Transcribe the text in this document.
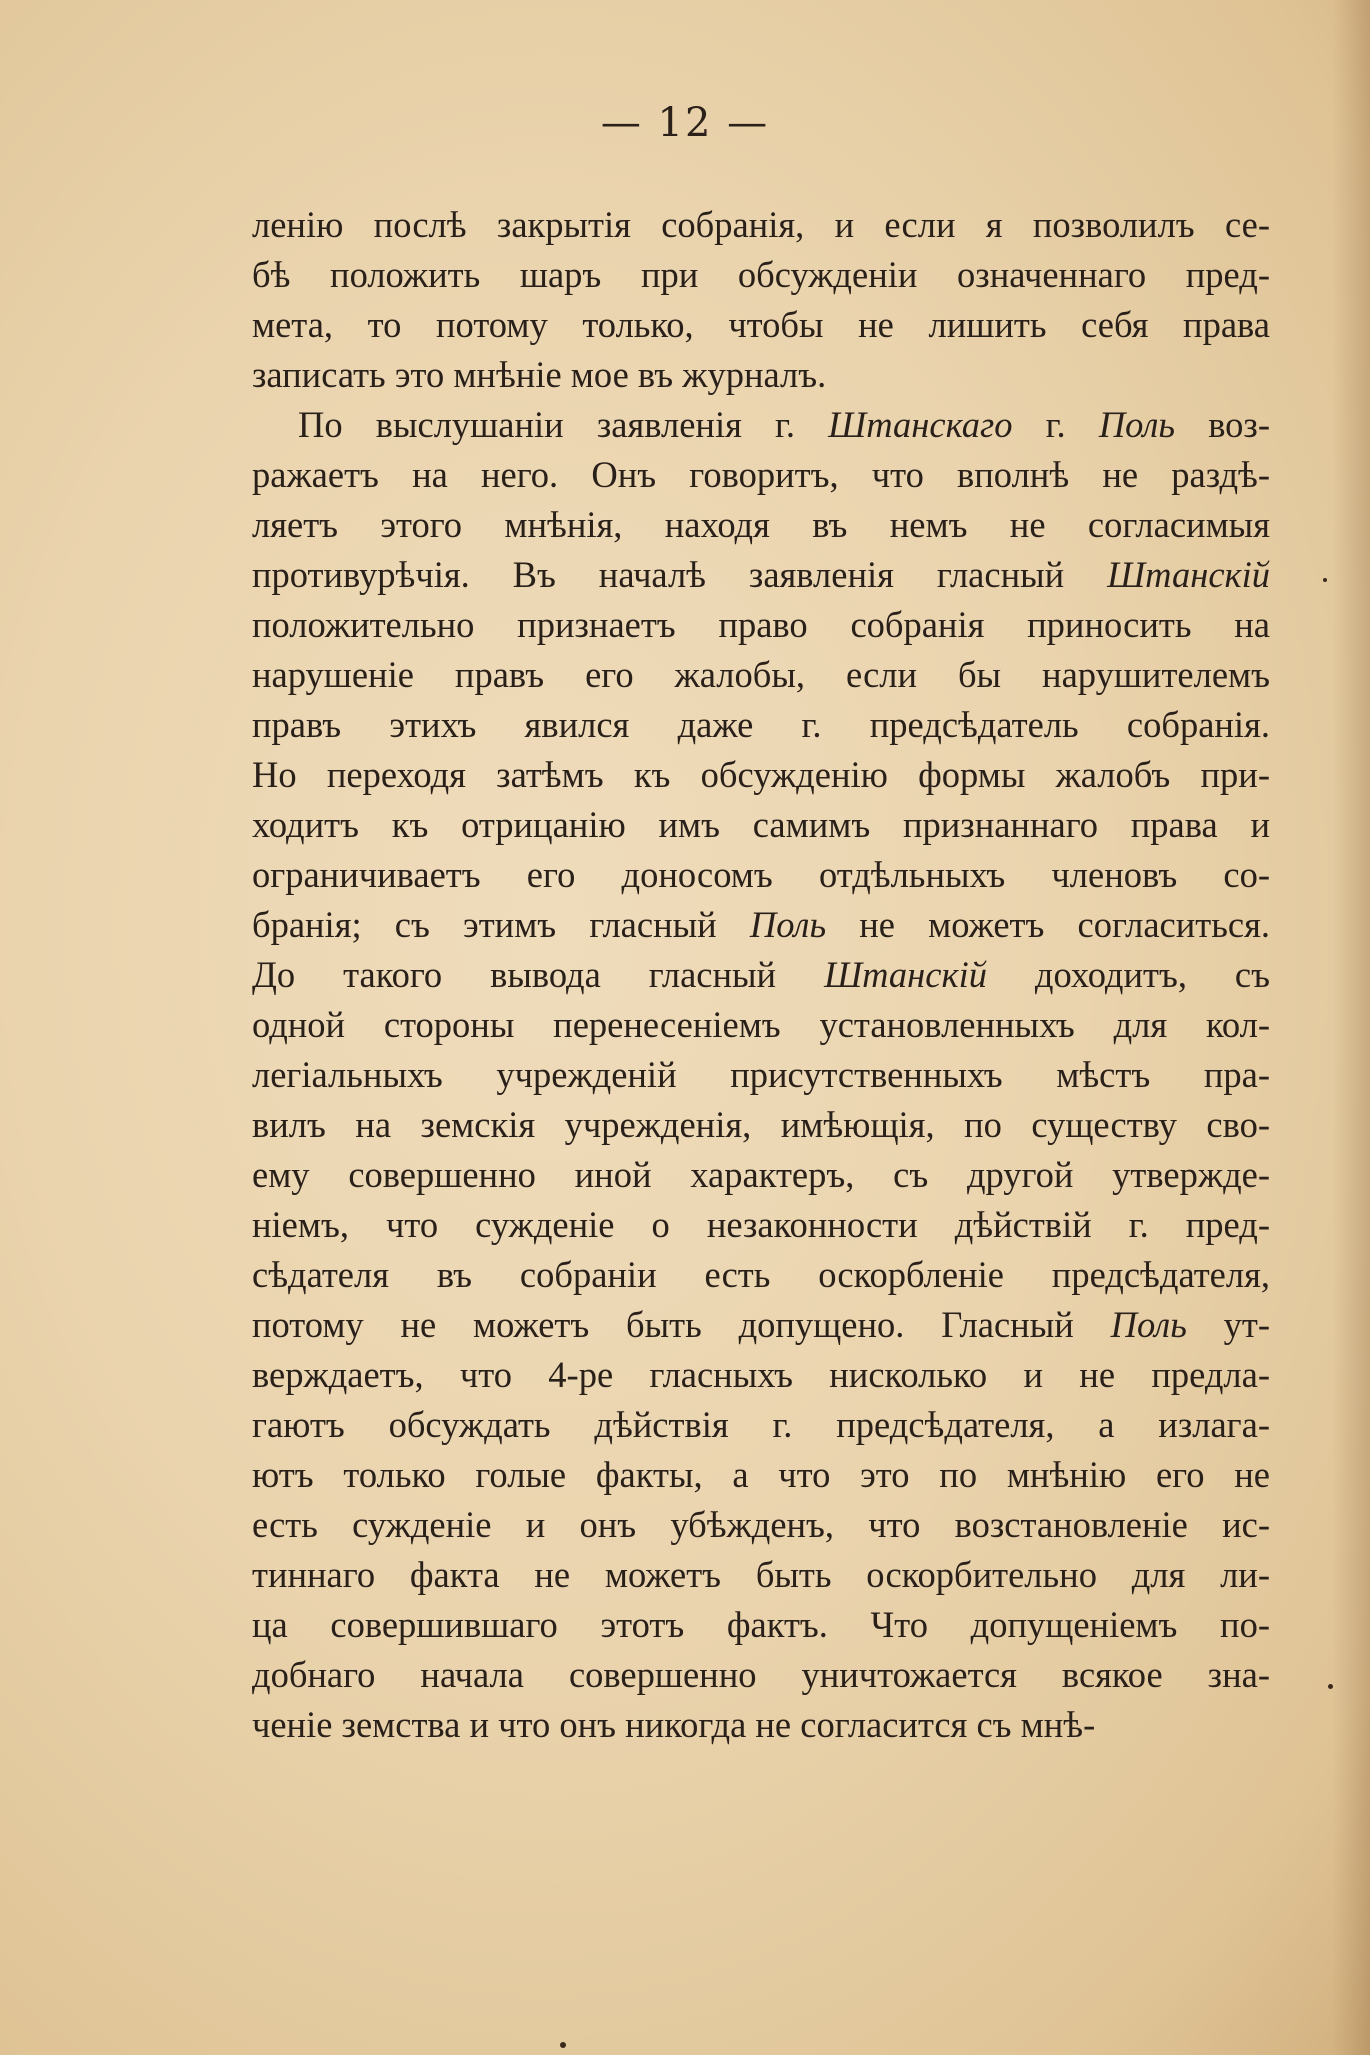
— 12 —
ленію послѣ закрытія собранія, и если я позволилъ се-
бѣ положить шаръ при обсужденіи означеннаго пред-
мета, то потому только, чтобы не лишить себя права
записать это мнѣніе мое въ журналъ.
По выслушаніи заявленія г. Штанскаго г. Поль воз-
ражаетъ на него. Онъ говоритъ, что вполнѣ не раздѣ-
ляетъ этого мнѣнія, находя въ немъ не согласимыя
противурѣчія. Въ началѣ заявленія гласный Штанскій
положительно признаетъ право собранія приносить на
нарушеніе правъ его жалобы, если бы нарушителемъ
правъ этихъ явился даже г. предсѣдатель собранія.
Но переходя затѣмъ къ обсужденію формы жалобъ при-
ходитъ къ отрицанію имъ самимъ признаннаго права и
ограничиваетъ его доносомъ отдѣльныхъ членовъ со-
бранія; съ этимъ гласный Поль не можетъ согласиться.
До такого вывода гласный Штанскій доходитъ, съ
одной стороны перенесеніемъ установленныхъ для кол-
легіальныхъ учрежденій присутственныхъ мѣстъ пра-
вилъ на земскія учрежденія, имѣющія, по существу сво-
ему совершенно иной характеръ, съ другой утвержде-
ніемъ, что сужденіе о незаконности дѣйствій г. пред-
сѣдателя въ собраніи есть оскорбленіе предсѣдателя,
потому не можетъ быть допущено. Гласный Поль ут-
верждаетъ, что 4-ре гласныхъ нисколько и не предла-
гаютъ обсуждать дѣйствія г. предсѣдателя, а излага-
ютъ только голые факты, а что это по мнѣнію его не
есть сужденіе и онъ убѣжденъ, что возстановленіе ис-
тиннаго факта не можетъ быть оскорбительно для ли-
ца совершившаго этотъ фактъ. Что допущеніемъ по-
добнаго начала совершенно уничтожается всякое зна-
ченіе земства и что онъ никогда не согласится съ мнѣ-
